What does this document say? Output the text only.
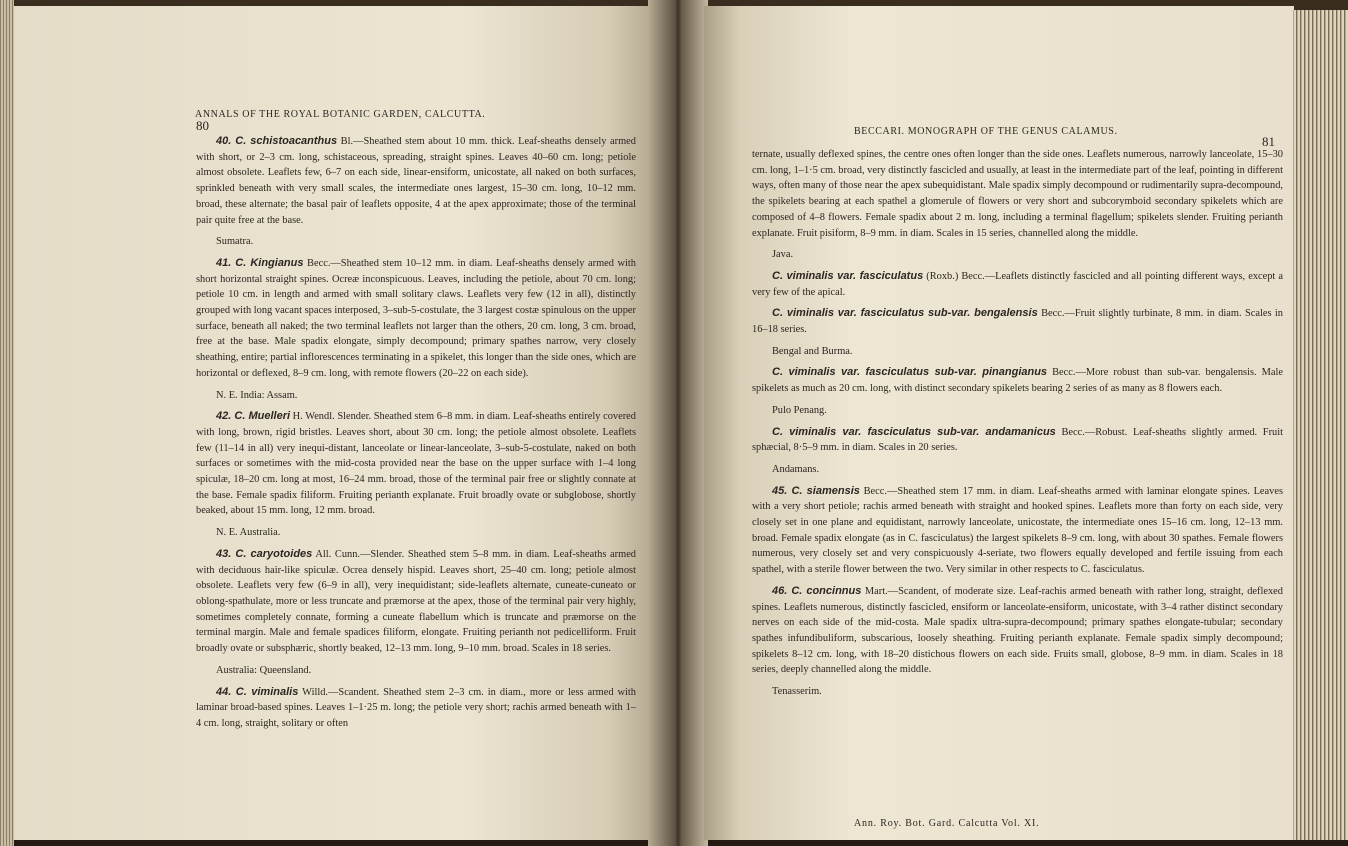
80
ANNALS OF THE ROYAL BOTANIC GARDEN, CALCUTTA.

40. C. schistoacanthus Bl.—Sheathed stem about 10 mm. thick. Leaf-sheaths densely armed with short, or 2–3 cm. long, schistaceous, spreading, straight spines. Leaves 40–60 cm. long; petiole almost obsolete. Leaflets few, 6–7 on each side, linear-ensiform, unicostate, all naked on both surfaces, sprinkled beneath with very small scales, the intermediate ones largest, 15–30 cm. long, 10–12 mm. broad, these alternate; the basal pair of leaflets opposite, 4 at the apex approximate; those of the terminal pair quite free at the base.

Sumatra.

41. C. Kingianus Becc.—Sheathed stem 10–12 mm. in diam. Leaf-sheaths densely armed with short horizontal straight spines. Ocreæ inconspicuous. Leaves, including the petiole, about 70 cm. long; petiole 10 cm. in length and armed with small solitary claws. Leaflets very few (12 in all), distinctly grouped with long vacant spaces interposed, 3–sub-5-costulate, the 3 largest costæ spinulous on the upper surface, beneath all naked; the two terminal leaflets not larger than the others, 20 cm. long, 3 cm. broad, free at the base. Male spadix elongate, simply decompound; primary spathes narrow, very closely sheathing, entire; partial inflorescences terminating in a spikelet, this longer than the side ones, which are horizontal or deflexed, 8–9 cm. long, with remote flowers (20–22 on each side).

N. E. India: Assam.

42. C. Muelleri H. Wendl. Slender. Sheathed stem 6–8 mm. in diam. Leaf-sheaths entirely covered with long, brown, rigid bristles. Leaves short, about 30 cm. long; the petiole almost obsolete. Leaflets few (11–14 in all) very inequi-distant, lanceolate or linear-lanceolate, 3–sub-5-costulate, naked on both surfaces or sometimes with the mid-costa provided near the base on the upper surface with 1–4 long spiculæ, 18–20 cm. long at most, 16–24 mm. broad, those of the terminal pair free or slightly connate at the base. Female spadix filiform. Fruiting perianth explanate. Fruit broadly ovate or subglobose, shortly beaked, about 15 mm. long, 12 mm. broad.

N. E. Australia.

43. C. caryotoides All. Cunn.—Slender. Sheathed stem 5–8 mm. in diam. Leaf-sheaths armed with deciduous hair-like spiculæ. Ocrea densely hispid. Leaves short, 25–40 cm. long; petiole almost obsolete. Leaflets very few (6–9 in all), very inequidistant; side-leaflets alternate, cuneate-cuneato or oblong-spathulate, more or less truncate and præmorse at the apex, those of the terminal pair very highly, sometimes completely connate, forming a cuneate flabellum which is truncate and præmorse on the terminal margin. Male and female spadices filiform, elongate. Fruiting perianth not pedicelliform. Fruit broadly ovate or subsphæric, shortly beaked, 12–13 mm. long, 9–10 mm. broad. Scales in 18 series.

Australia: Queensland.

44. C. viminalis Willd.—Scandent. Sheathed stem 2–3 cm. in diam., more or less armed with laminar broad-based spines. Leaves 1–1·25 m. long; the petiole very short; rachis armed beneath with 1–4 cm. long, straight, solitary or often

BECCARI. MONOGRAPH OF THE GENUS CALAMUS.
81

ternate, usually deflexed spines, the centre ones often longer than the side ones. Leaflets numerous, narrowly lanceolate, 15–30 cm. long, 1–1·5 cm. broad, very distinctly fascicled and usually, at least in the intermediate part of the leaf, pointing in different ways, often many of those near the apex subequidistant. Male spadix simply decompound or rudimentarily supra-decompound, the spikelets bearing at each spathel a glomerule of flowers or very short and subcorymboid secondary spikelets which are composed of 4–8 flowers. Female spadix about 2 m. long, including a terminal flagellum; spikelets slender. Fruiting perianth explanate. Fruit pisiform, 8–9 mm. in diam. Scales in 15 series, channelled along the middle.

Java.

C. viminalis var. fasciculatus (Roxb.) Becc.—Leaflets distinctly fascicled and all pointing different ways, except a very few of the apical.

C. viminalis var. fasciculatus sub-var. bengalensis Becc.—Fruit slightly turbinate, 8 mm. in diam. Scales in 16–18 series.

Bengal and Burma.

C. viminalis var. fasciculatus sub-var. pinangianus Becc.—More robust than sub-var. bengalensis. Male spikelets as much as 20 cm. long, with distinct secondary spikelets bearing 2 series of as many as 8 flowers each.

Pulo Penang.

C. viminalis var. fasciculatus sub-var. andamanicus Becc.—Robust. Leaf-sheaths slightly armed. Fruit sphæcial, 8·5–9 mm. in diam. Scales in 20 series.

Andamans.

45. C. siamensis Becc.—Sheathed stem 17 mm. in diam. Leaf-sheaths armed with laminar elongate spines. Leaves with a very short petiole; rachis armed beneath with straight and hooked spines. Leaflets more than forty on each side, very closely set in one plane and equidistant, narrowly lanceolate, unicostate, the intermediate ones 15–16 cm. long, 12–13 mm. broad. Female spadix elongate (as in C. fasciculatus) the largest spikelets 8–9 cm. long, with about 30 spathes. Female flowers numerous, very closely set and very conspicuously 4-seriate, two flowers equally developed and fertile issuing from each spathel, with a sterile flower between the two. Very similar in other respects to C. fasciculatus.

46. C. concinnus Mart.—Scandent, of moderate size. Leaf-rachis armed beneath with rather long, straight, deflexed spines. Leaflets numerous, distinctly fascicled, ensiform or lanceolate-ensiform, unicostate, with 3–4 rather distinct secondary nerves on each side of the mid-costa. Male spadix ultra-supra-decompound; primary spathes elongate-tubular; secondary spathes infundibuliform, subscarious, loosely sheathing. Fruiting perianth explanate. Female spadix simply decompound; spikelets 8–12 cm. long, with 18–20 distichous flowers on each side. Fruits small, globose, 8–9 mm. in diam. Scales in 18 series, deeply channelled along the middle.

Tenasserim.

Ann. Roy. Bot. Gard. Calcutta Vol. XI.
